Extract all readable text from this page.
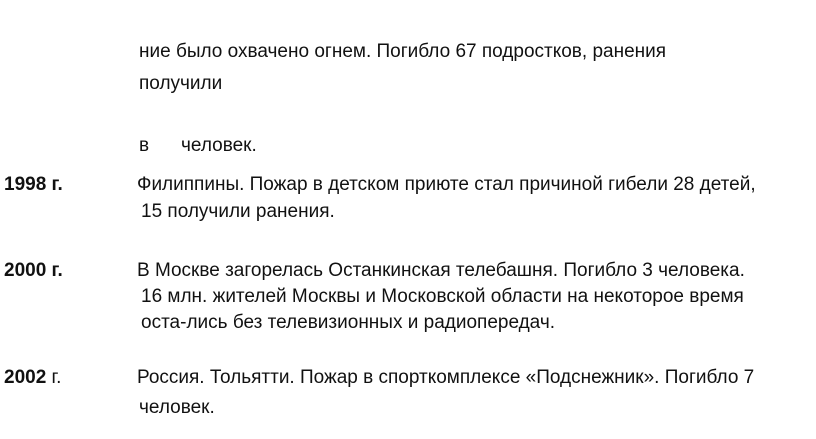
ние было охвачено огнем. Погибло 67 подростков, ранения
получили
в человек.
1998 г.	Филиппины. Пожар в детском приюте стал причиной гибели 28 детей,
15 получили ранения.
2000 г.	В Москве загорелась Останкинская телебашня. Погибло 3 человека.
16 млн. жителей Москвы и Московской области на некоторое время
оста-лись без телевизионных и радиопередач.
2002 г.	Россия. Тольятти. Пожар в спорткомплексе «Подснежник». Погибло 7
человек.
